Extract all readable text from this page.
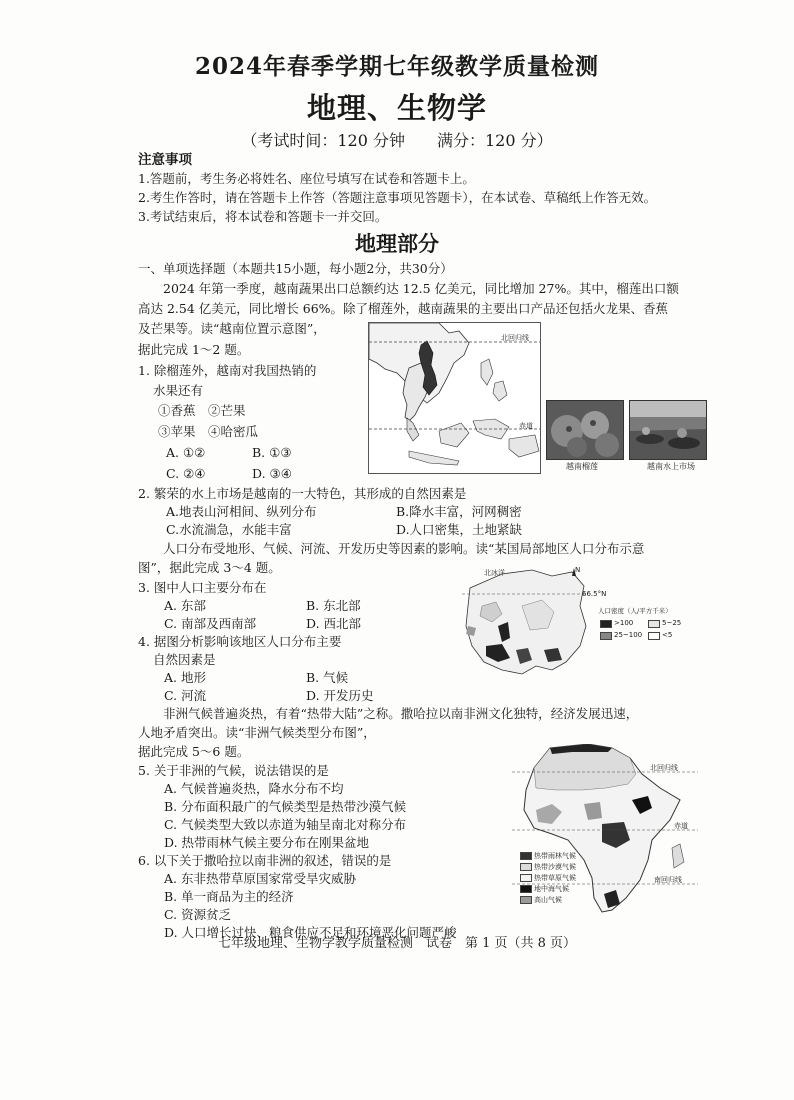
2024年春季学期七年级教学质量检测
地理、生物学
（考试时间：120 分钟　　满分：120 分）
注意事项
1.答题前，考生务必将姓名、座位号填写在试卷和答题卡上。
2.考生作答时，请在答题卡上作答（答题注意事项见答题卡），在本试卷、草稿纸上作答无效。
3.考试结束后，将本试卷和答题卡一并交回。
地理部分
一、单项选择题（本题共15小题，每小题2分，共30分）
2024 年第一季度，越南蔬果出口总额约达 12.5 亿美元，同比增加 27%。其中，榴莲出口额
高达 2.54 亿美元，同比增长 66%。除了榴莲外，越南蔬果的主要出口产品还包括火龙果、香蕉
及芒果等。读“越南位置示意图”，
据此完成 1～2 题。
北回归线
赤道
越南榴莲	越南水上市场
1. 除榴莲外，越南对我国热销的
水果还有
①香蕉　②芒果
③苹果　④哈密瓜
A. ①②	B. ①③
C. ②④	D. ③④
2. 繁荣的水上市场是越南的一大特色，其形成的自然因素是
A.地表山河相间、纵列分布	B.降水丰富，河网稠密
C.水流湍急，水能丰富	D.人口密集，土地紧缺
人口分布受地形、气候、河流、开发历史等因素的影响。读“某国局部地区人口分布示意
图”，据此完成 3～4 题。
3. 图中人口主要分布在
A. 东部	B. 东北部
C. 南部及西南部	D. 西北部
4. 据图分析影响该地区人口分布主要
自然因素是
A. 地形	B. 气候
C. 河流	D. 开发历史
N
北冰洋
66.5°N
人口密度（人/平方千米）
>100	5~25
25~100	<5
非洲气候普遍炎热，有着“热带大陆”之称。撒哈拉以南非洲文化独特，经济发展迅速，
人地矛盾突出。读“非洲气候类型分布图”，
据此完成 5～6 题。
5. 关于非洲的气候，说法错误的是
A. 气候普遍炎热，降水分布不均
B. 分布面积最广的气候类型是热带沙漠气候
C. 气候类型大致以赤道为轴呈南北对称分布
D. 热带雨林气候主要分布在刚果盆地
6. 以下关于撒哈拉以南非洲的叙述，错误的是
A. 东非热带草原国家常受旱灾威胁
B. 单一商品为主的经济
C. 资源贫乏
D. 人口增长过快、粮食供应不足和环境恶化问题严峻
北回归线
赤道
南回归线
热带雨林气候
热带沙漠气候
热带草原气候
地中海气候
高山气候
七年级地理、生物学教学质量检测　试卷　第 1 页（共 8 页）
